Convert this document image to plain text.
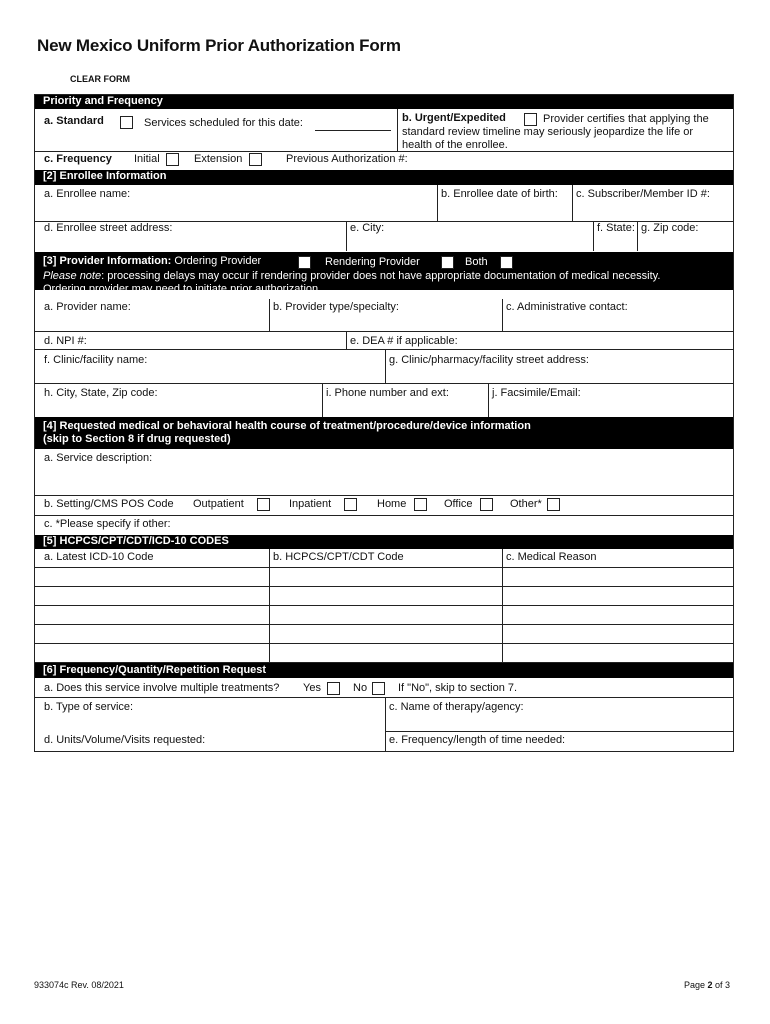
New Mexico Uniform Prior Authorization Form
CLEAR FORM
Priority and Frequency
a. Standard	Services scheduled for this date:	b. Urgent/Expedited	Provider certifies that applying the
standard review timeline may seriously jeopardize the life or
health of the enrollee.
c. Frequency Initial	Extension	Previous Authorization #:
[2] Enrollee Information
a. Enrollee name:	b. Enrollee date of birth: c. Subscriber/Member ID #:
d. Enrollee street address:	e. City:	f. State: g. Zip code:
[3] Provider Information: Ordering Provider
Please note: processing delays may occur if rendering provider does not have appropriate documentation of medical necessity.
Ordering provider may need to initiate prior authorization.
Rendering Provider	Both
a. Provider name:	b. Provider type/specialty:	c. Administrative contact:
d. NPI #:	e. DEA # if applicable:
f. Clinic/facility name:	g. Clinic/pharmacy/facility street address:
h. City, State, Zip code:	i. Phone number and ext:	j. Facsimile/Email:
[4] Requested medical or behavioral health course of treatment/procedure/device information
(skip to Section 8 if drug requested)
a. Service description:
b. Setting/CMS POS Code Outpatient	Inpatient	Home	Office	Other*
c. *Please specify if other:
[5] HCPCS/CPT/CDT/ICD-10 CODES
a. Latest ICD-10 Code	b. HCPCS/CPT/CDT Code	c. Medical Reason
[6] Frequency/Quantity/Repetition Request
a. Does this service involve multiple treatments? Yes	No	If "No", skip to section 7.
b. Type of service:	c. Name of therapy/agency:
d. Units/Volume/Visits requested:	e. Frequency/length of time needed:
933074c Rev. 08/2021	Page 2 of 3
